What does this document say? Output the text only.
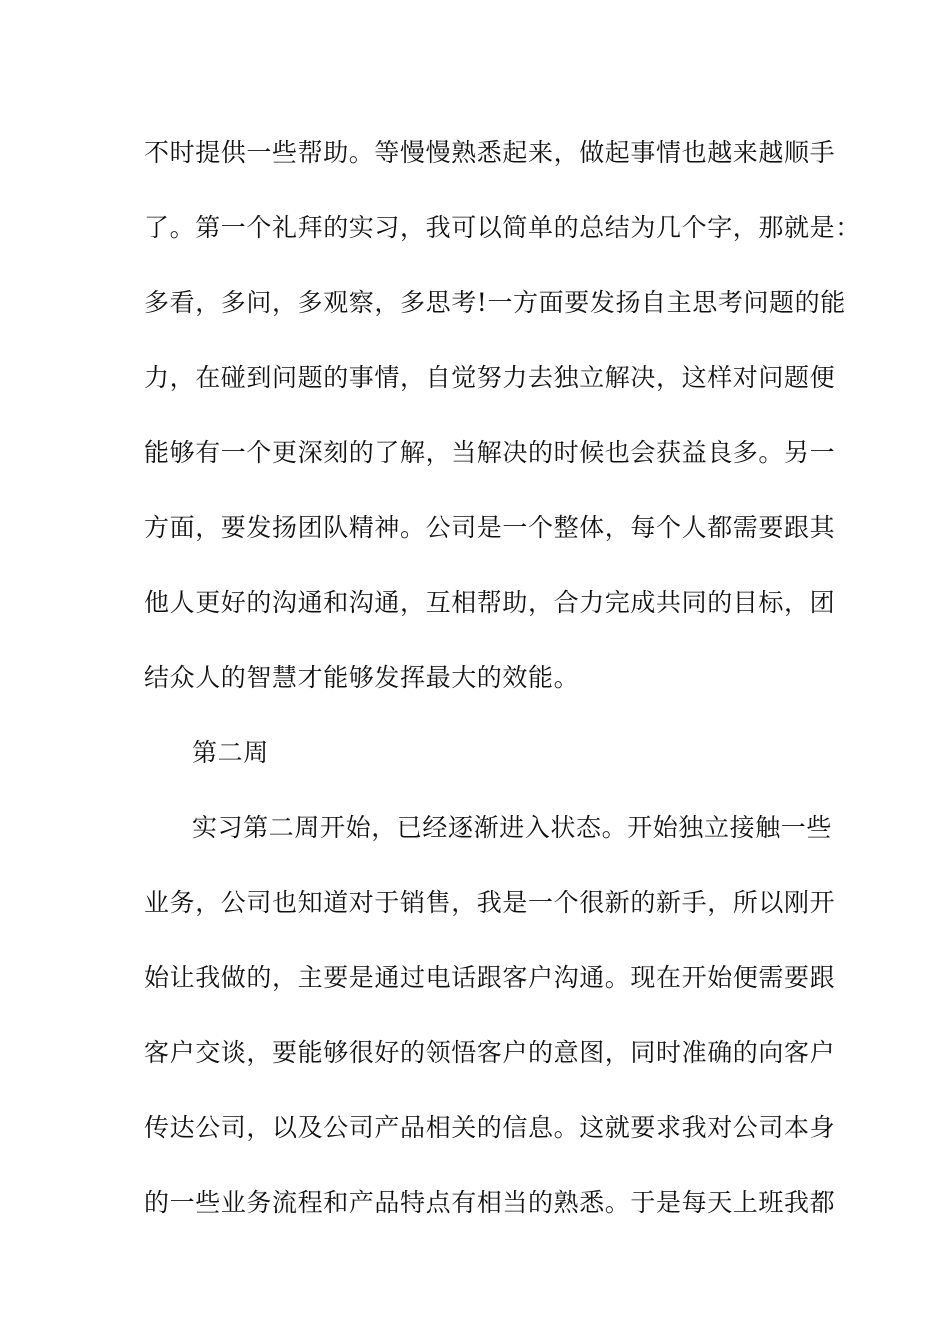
不时提供一些帮助。等慢慢熟悉起来，做起事情也越来越顺手
了。第一个礼拜的实习，我可以简单的总结为几个字，那就是：
多看，多问，多观察，多思考!一方面要发扬自主思考问题的能
力，在碰到问题的事情，自觉努力去独立解决，这样对问题便
能够有一个更深刻的了解，当解决的时候也会获益良多。另一
方面，要发扬团队精神。公司是一个整体，每个人都需要跟其
他人更好的沟通和沟通，互相帮助，合力完成共同的目标，团
结众人的智慧才能够发挥最大的效能。
第二周
实习第二周开始，已经逐渐进入状态。开始独立接触一些
业务，公司也知道对于销售，我是一个很新的新手，所以刚开
始让我做的，主要是通过电话跟客户沟通。现在开始便需要跟
客户交谈，要能够很好的领悟客户的意图，同时准确的向客户
传达公司，以及公司产品相关的信息。这就要求我对公司本身
的一些业务流程和产品特点有相当的熟悉。于是每天上班我都
